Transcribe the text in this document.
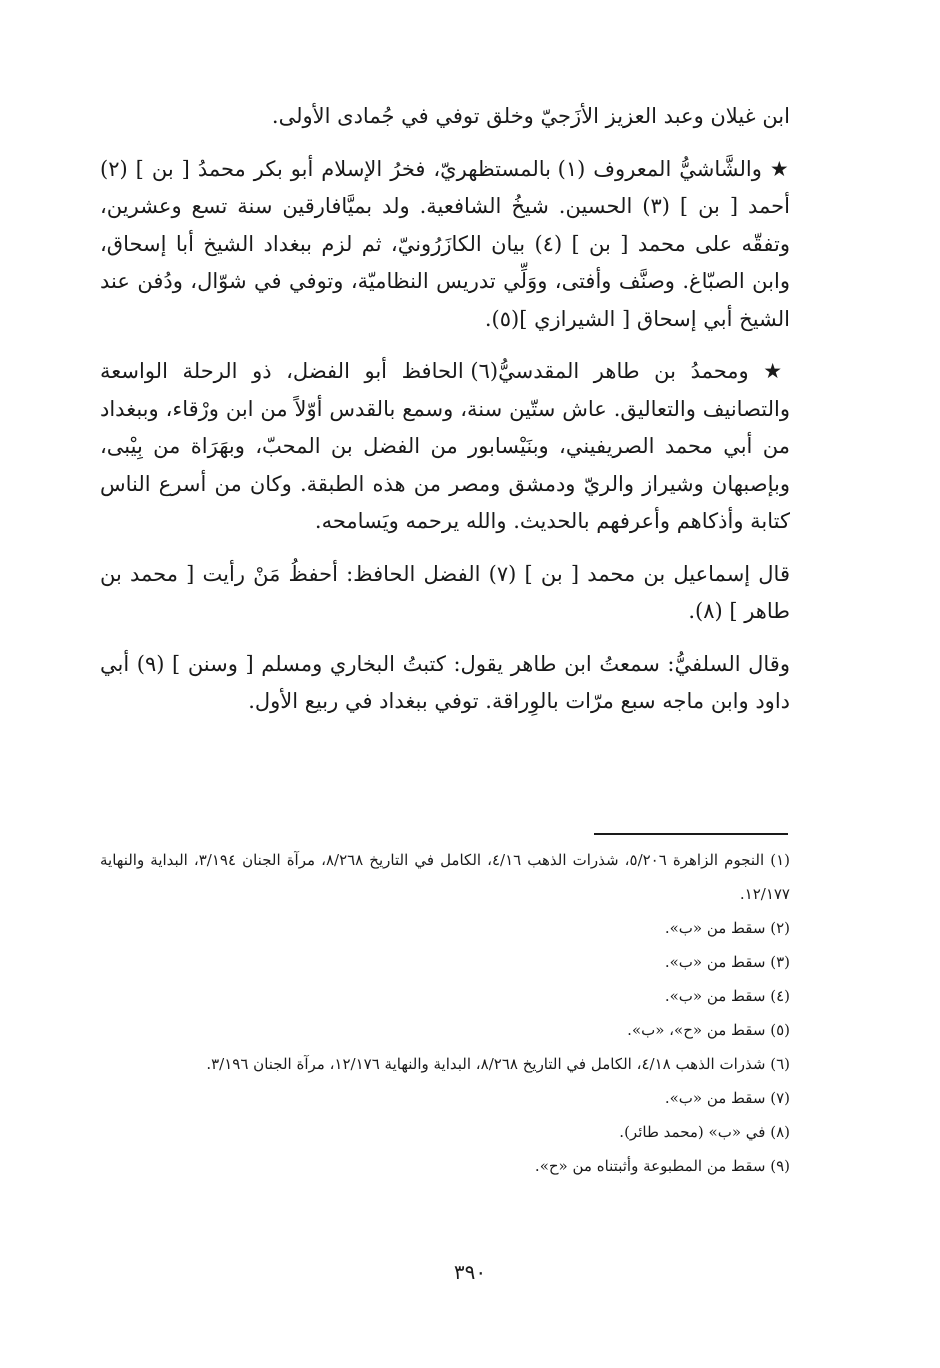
ابن غيلان وعبد العزيز الأزَجيّ وخلق توفي في جُمادى الأولى.

★ والشَّاشيُّ المعروف (١) بالمستظهريّ، فخرُ الإسلام أبو بكر محمدُ [ بن ] (٢) أحمد [ بن ] (٣) الحسين. شيخُ الشافعية. ولد بميَّافارقين سنة تسع وعشرين، وتفقّه على محمد [ بن ] (٤) بيان الكازَرُونيّ، ثم لزم ببغداد الشيخ أبا إسحاق، وابن الصبّاغ. وصنَّف وأفتى، ووَلِّي تدريس النظاميّة، وتوفي في شوّال، ودُفن عند الشيخ أبي إسحاق [ الشيرازي ](٥).

★ ومحمدُ بن طاهر المقدسيُّ(٦) الحافظ أبو الفضل، ذو الرحلة الواسعة والتصانيف والتعاليق. عاش ستّين سنة، وسمع بالقدس أوّلاً من ابن ورْقاء، وببغداد من أبي محمد الصريفيني، وبنَيْسابور من الفضل بن المحبّ، وبهَرَاة من بِيْبى، وبإصبهان وشيراز والريّ ودمشق ومصر من هذه الطبقة. وكان من أسرع الناس كتابة وأذكاهم وأعرفهم بالحديث. والله يرحمه ويَسامحه.

قال إسماعيل بن محمد [ بن ] (٧) الفضل الحافظ: أحفظُ مَنْ رأيت [ محمد بن طاهر ] (٨).

وقال السلفيُّ: سمعتُ ابن طاهر يقول: كتبتُ البخاري ومسلم [ وسنن ] (٩) أبي داود وابن ماجه سبع مرّات بالوِراقة. توفي ببغداد في ربيع الأول.

(١) النجوم الزاهرة ٥/٢٠٦، شذرات الذهب ٤/١٦، الكامل في التاريخ ٨/٢٦٨، مرآة الجنان ٣/١٩٤، البداية والنهاية ١٢/١٧٧.

(٢) سقط من «ب».

(٣) سقط من «ب».

(٤) سقط من «ب».

(٥) سقط من «ح»، «ب».

(٦) شذرات الذهب ٤/١٨، الكامل في التاريخ ٨/٢٦٨، البداية والنهاية ١٢/١٧٦، مرآة الجنان ٣/١٩٦.

(٧) سقط من «ب».

(٨) في «ب» (محمد طائر).

(٩) سقط من المطبوعة وأثبتناه من «ح».

٣٩٠
